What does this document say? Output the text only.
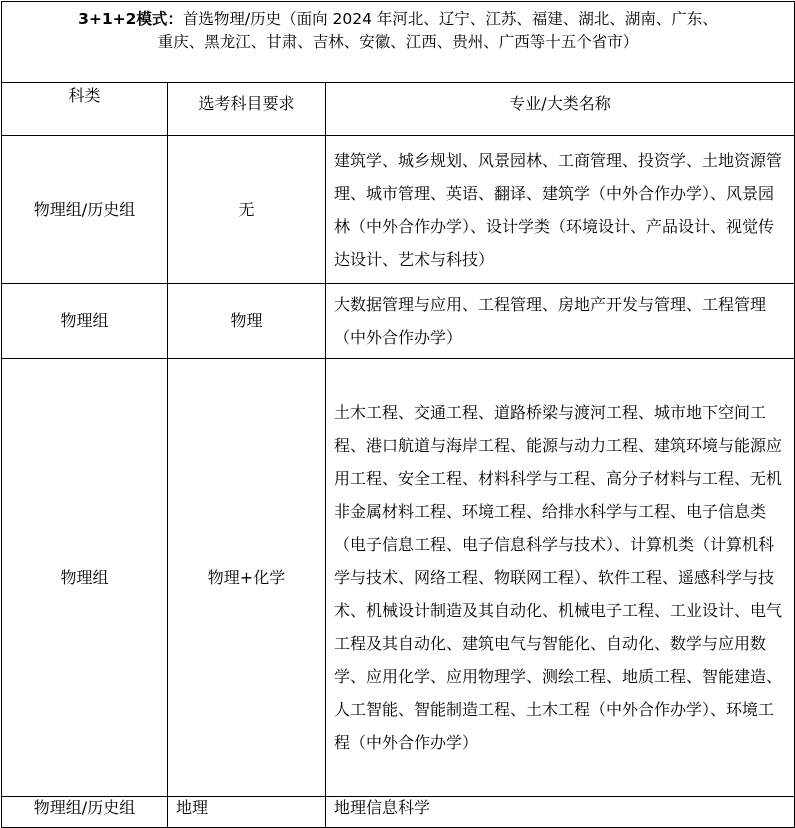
3+1+2模式：首选物理/历史（面向 2024 年河北、辽宁、江苏、福建、湖北、湖南、广东、
重庆、黑龙江、甘肃、吉林、安徽、江西、贵州、广西等十五个省市）		
科类	选考科目要求	专业/大类名称
物理组/历史组	无	建筑学、城乡规划、风景园林、工商管理、投资学、土地资源管理、城市管理、英语、翻译、建筑学（中外合作办学）、风景园林（中外合作办学）、设计学类（环境设计、产品设计、视觉传达设计、艺术与科技）
物理组	物理	大数据管理与应用、工程管理、房地产开发与管理、工程管理（中外合作办学）
物理组	物理+化学	土木工程、交通工程、道路桥梁与渡河工程、城市地下空间工程、港口航道与海岸工程、能源与动力工程、建筑环境与能源应用工程、安全工程、材料科学与工程、高分子材料与工程、无机非金属材料工程、环境工程、给排水科学与工程、电子信息类（电子信息工程、电子信息科学与技术）、计算机类（计算机科学与技术、网络工程、物联网工程）、软件工程、遥感科学与技术、机械设计制造及其自动化、机械电子工程、工业设计、电气工程及其自动化、建筑电气与智能化、自动化、数学与应用数学、应用化学、应用物理学、测绘工程、地质工程、智能建造、人工智能、智能制造工程、土木工程（中外合作办学）、环境工程（中外合作办学）
物理组/历史组	地理	地理信息科学
